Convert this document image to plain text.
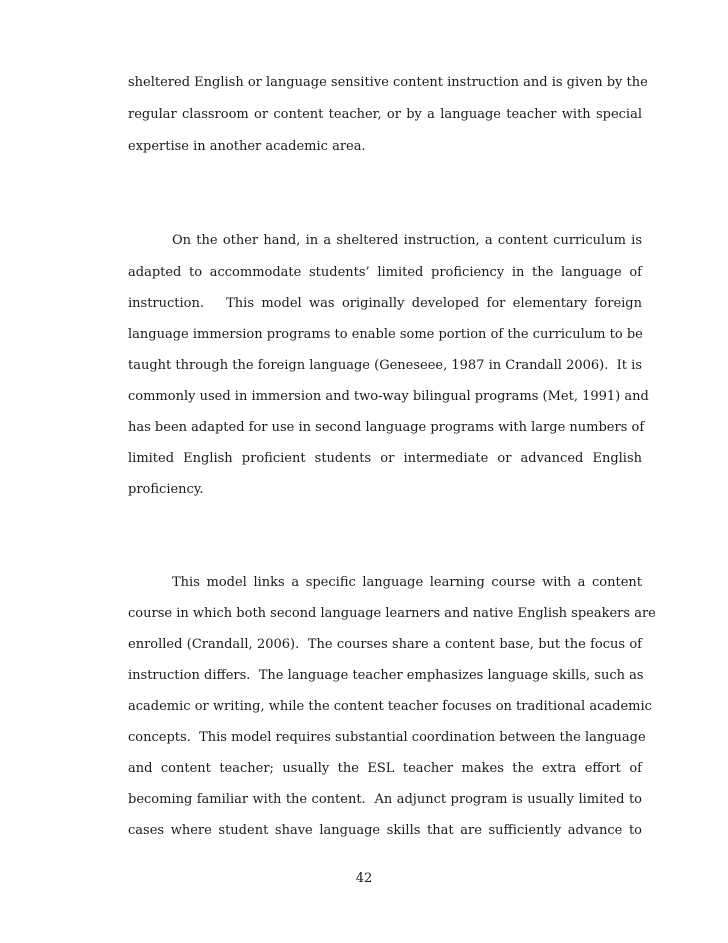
sheltered English or language sensitive content instruction and is given by the
regular classroom or content teacher, or by a language teacher with special
expertise in another academic area.
On the other hand, in a sheltered instruction, a content curriculum is
adapted to accommodate students’ limited proficiency in the language of
instruction.   This model was originally developed for elementary foreign
language immersion programs to enable some portion of the curriculum to be
taught through the foreign language (Geneseee, 1987 in Crandall 2006).  It is
commonly used in immersion and two-way bilingual programs (Met, 1991) and
has been adapted for use in second language programs with large numbers of
limited English proficient students or intermediate or advanced English
proficiency.
This model links a specific language learning course with a content
course in which both second language learners and native English speakers are
enrolled (Crandall, 2006).  The courses share a content base, but the focus of
instruction differs.  The language teacher emphasizes language skills, such as
academic or writing, while the content teacher focuses on traditional academic
concepts.  This model requires substantial coordination between the language
and content teacher; usually the ESL teacher makes the extra effort of
becoming familiar with the content.  An adjunct program is usually limited to
cases where student shave language skills that are sufficiently advance to
42
